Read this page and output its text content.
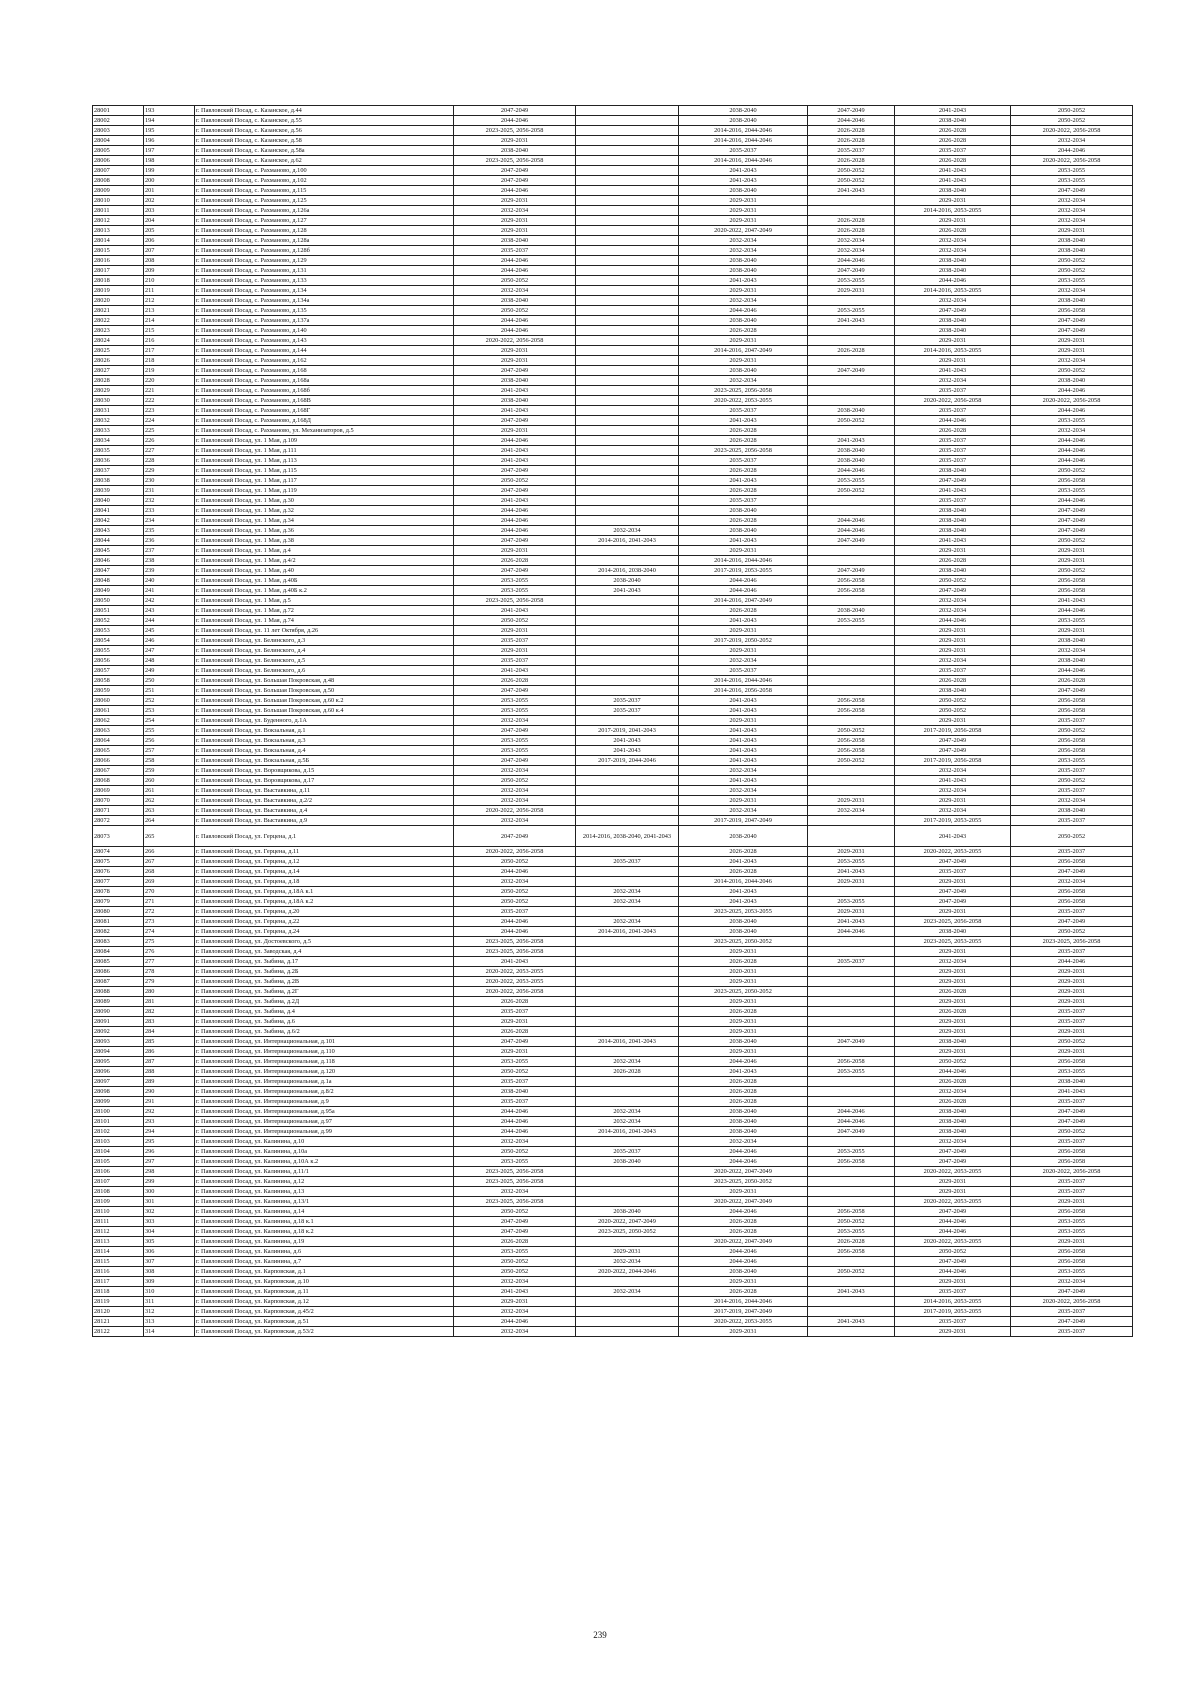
28001	193	г. Павловский Посад, с. Казанское, д.44	2047-2049		2038-2040	2047-2049	2041-2043	2050-2052
28002	194	г. Павловский Посад, с. Казанское, д.55	2044-2046		2038-2040	2044-2046	2038-2040	2050-2052
28003	195	г. Павловский Посад, с. Казанское, д.56	2023-2025, 2056-2058		2014-2016, 2044-2046	2026-2028	2026-2028	2020-2022, 2056-2058
28004	196	г. Павловский Посад, с. Казанское, д.58	2029-2031		2014-2016, 2044-2046	2026-2028	2026-2028	2032-2034
28005	197	г. Павловский Посад, с. Казанское, д.58а	2038-2040		2035-2037	2035-2037	2035-2037	2044-2046
28006	198	г. Павловский Посад, с. Казанское, д.62	2023-2025, 2056-2058		2014-2016, 2044-2046	2026-2028	2026-2028	2020-2022, 2056-2058
28007	199	г. Павловский Посад, с. Рахманово, д.100	2047-2049		2041-2043	2050-2052	2041-2043	2053-2055
28008	200	г. Павловский Посад, с. Рахманово, д.102	2047-2049		2041-2043	2050-2052	2041-2043	2053-2055
28009	201	г. Павловский Посад, с. Рахманово, д.115	2044-2046		2038-2040	2041-2043	2038-2040	2047-2049
28010	202	г. Павловский Посад, с. Рахманово, д.125	2029-2031		2029-2031		2029-2031	2032-2034
28011	203	г. Павловский Посад, с. Рахманово, д.126а	2032-2034		2029-2031		2014-2016, 2053-2055	2032-2034
28012	204	г. Павловский Посад, с. Рахманово, д.127	2029-2031		2029-2031	2026-2028	2029-2031	2032-2034
28013	205	г. Павловский Посад, с. Рахманово, д.128	2029-2031		2020-2022, 2047-2049	2026-2028	2026-2028	2029-2031
28014	206	г. Павловский Посад, с. Рахманово, д.128а	2038-2040		2032-2034	2032-2034	2032-2034	2038-2040
28015	207	г. Павловский Посад, с. Рахманово, д.128б	2035-2037		2032-2034	2032-2034	2032-2034	2038-2040
28016	208	г. Павловский Посад, с. Рахманово, д.129	2044-2046		2038-2040	2044-2046	2038-2040	2050-2052
28017	209	г. Павловский Посад, с. Рахманово, д.131	2044-2046		2038-2040	2047-2049	2038-2040	2050-2052
28018	210	г. Павловский Посад, с. Рахманово, д.133	2050-2052		2041-2043	2053-2055	2044-2046	2053-2055
28019	211	г. Павловский Посад, с. Рахманово, д.134	2032-2034		2029-2031	2029-2031	2014-2016, 2053-2055	2032-2034
28020	212	г. Павловский Посад, с. Рахманово, д.134а	2038-2040		2032-2034		2032-2034	2038-2040
28021	213	г. Павловский Посад, с. Рахманово, д.135	2050-2052		2044-2046	2053-2055	2047-2049	2056-2058
28022	214	г. Павловский Посад, с. Рахманово, д.137а	2044-2046		2038-2040	2041-2043	2038-2040	2047-2049
28023	215	г. Павловский Посад, с. Рахманово, д.140	2044-2046		2026-2028		2038-2040	2047-2049
28024	216	г. Павловский Посад, с. Рахманово, д.143	2020-2022, 2056-2058		2029-2031		2029-2031	2029-2031
28025	217	г. Павловский Посад, с. Рахманово, д.144	2029-2031		2014-2016, 2047-2049	2026-2028	2014-2016, 2053-2055	2029-2031
28026	218	г. Павловский Посад, с. Рахманово, д.162	2029-2031		2029-2031		2029-2031	2032-2034
28027	219	г. Павловский Посад, с. Рахманово, д.168	2047-2049		2038-2040	2047-2049	2041-2043	2050-2052
28028	220	г. Павловский Посад, с. Рахманово, д.168а	2038-2040		2032-2034		2032-2034	2038-2040
28029	221	г. Павловский Посад, с. Рахманово, д.168б	2041-2043		2023-2025, 2056-2058		2035-2037	2044-2046
28030	222	г. Павловский Посад, с. Рахманово, д.168В	2038-2040		2020-2022, 2053-2055		2020-2022, 2056-2058	2020-2022, 2056-2058
28031	223	г. Павловский Посад, с. Рахманово, д.168Г	2041-2043		2035-2037	2038-2040	2035-2037	2044-2046
28032	224	г. Павловский Посад, с. Рахманово, д.168Д	2047-2049		2041-2043	2050-2052	2044-2046	2053-2055
28033	225	г. Павловский Посад, с. Рахманово, ул. Механизаторов, д.5	2029-2031		2026-2028		2026-2028	2032-2034
28034	226	г. Павловский Посад, ул. 1 Мая, д.109	2044-2046		2026-2028	2041-2043	2035-2037	2044-2046
28035	227	г. Павловский Посад, ул. 1 Мая, д.111	2041-2043		2023-2025, 2056-2058	2038-2040	2035-2037	2044-2046
28036	228	г. Павловский Посад, ул. 1 Мая, д.113	2041-2043		2035-2037	2038-2040	2035-2037	2044-2046
28037	229	г. Павловский Посад, ул. 1 Мая, д.115	2047-2049		2026-2028	2044-2046	2038-2040	2050-2052
28038	230	г. Павловский Посад, ул. 1 Мая, д.117	2050-2052		2041-2043	2053-2055	2047-2049	2056-2058
28039	231	г. Павловский Посад, ул. 1 Мая, д.119	2047-2049		2026-2028	2050-2052	2041-2043	2053-2055
28040	232	г. Павловский Посад, ул. 1 Мая, д.30	2041-2043		2035-2037		2035-2037	2044-2046
28041	233	г. Павловский Посад, ул. 1 Мая, д.32	2044-2046		2038-2040		2038-2040	2047-2049
28042	234	г. Павловский Посад, ул. 1 Мая, д.34	2044-2046		2026-2028	2044-2046	2038-2040	2047-2049
28043	235	г. Павловский Посад, ул. 1 Мая, д.36	2044-2046	2032-2034	2038-2040	2044-2046	2038-2040	2047-2049
28044	236	г. Павловский Посад, ул. 1 Мая, д.38	2047-2049	2014-2016, 2041-2043	2041-2043	2047-2049	2041-2043	2050-2052
28045	237	г. Павловский Посад, ул. 1 Мая, д.4	2029-2031		2029-2031		2029-2031	2029-2031
28046	238	г. Павловский Посад, ул. 1 Мая, д.4/2	2026-2028		2014-2016, 2044-2046		2026-2028	2029-2031
28047	239	г. Павловский Посад, ул. 1 Мая, д.40	2047-2049	2014-2016, 2038-2040	2017-2019, 2053-2055	2047-2049	2038-2040	2050-2052
28048	240	г. Павловский Посад, ул. 1 Мая, д.40Б	2053-2055	2038-2040	2044-2046	2056-2058	2050-2052	2056-2058
28049	241	г. Павловский Посад, ул. 1 Мая, д.40Б к.2	2053-2055	2041-2043	2044-2046	2056-2058	2047-2049	2056-2058
28050	242	г. Павловский Посад, ул. 1 Мая, д.5	2023-2025, 2056-2058		2014-2016, 2047-2049		2032-2034	2041-2043
28051	243	г. Павловский Посад, ул. 1 Мая, д.72	2041-2043		2026-2028	2038-2040	2032-2034	2044-2046
28052	244	г. Павловский Посад, ул. 1 Мая, д.74	2050-2052		2041-2043	2053-2055	2044-2046	2053-2055
28053	245	г. Павловский Посад, ул. 11 лет Октября, д.26	2029-2031		2029-2031		2029-2031	2029-2031
28054	246	г. Павловский Посад, ул. Белинского, д.3	2035-2037		2017-2019, 2050-2052		2029-2031	2038-2040
28055	247	г. Павловский Посад, ул. Белинского, д.4	2029-2031		2029-2031		2029-2031	2032-2034
28056	248	г. Павловский Посад, ул. Белинского, д.5	2035-2037		2032-2034		2032-2034	2038-2040
28057	249	г. Павловский Посад, ул. Белинского, д.6	2041-2043		2035-2037		2035-2037	2044-2046
28058	250	г. Павловский Посад, ул. Большая Покровская, д.48	2026-2028		2014-2016, 2044-2046		2026-2028	2026-2028
28059	251	г. Павловский Посад, ул. Большая Покровская, д.50	2047-2049		2014-2016, 2056-2058		2038-2040	2047-2049
28060	252	г. Павловский Посад, ул. Большая Покровская, д.60 к.2	2053-2055	2035-2037	2041-2043	2056-2058	2050-2052	2056-2058
28061	253	г. Павловский Посад, ул. Большая Покровская, д.60 к.4	2053-2055	2035-2037	2041-2043	2056-2058	2050-2052	2056-2058
28062	254	г. Павловский Посад, ул. Буденного, д.1А	2032-2034		2029-2031		2029-2031	2035-2037
28063	255	г. Павловский Посад, ул. Вокзальная, д.1	2047-2049	2017-2019, 2041-2043	2041-2043	2050-2052	2017-2019, 2056-2058	2050-2052
28064	256	г. Павловский Посад, ул. Вокзальная, д.3	2053-2055	2041-2043	2041-2043	2056-2058	2047-2049	2056-2058
28065	257	г. Павловский Посад, ул. Вокзальная, д.4	2053-2055	2041-2043	2041-2043	2056-2058	2047-2049	2056-2058
28066	258	г. Павловский Посад, ул. Вокзальная, д.5Б	2047-2049	2017-2019, 2044-2046	2041-2043	2050-2052	2017-2019, 2056-2058	2053-2055
28067	259	г. Павловский Посад, ул. Воровщикова, д.15	2032-2034		2032-2034		2032-2034	2035-2037
28068	260	г. Павловский Посад, ул. Воровщикова, д.17	2050-2052		2041-2043		2041-2043	2050-2052
28069	261	г. Павловский Посад, ул. Выставкина, д.11	2032-2034		2032-2034		2032-2034	2035-2037
28070	262	г. Павловский Посад, ул. Выставкина, д.2/2	2032-2034		2029-2031	2029-2031	2029-2031	2032-2034
28071	263	г. Павловский Посад, ул. Выставкина, д.4	2020-2022, 2056-2058		2032-2034	2032-2034	2032-2034	2038-2040
28072	264	г. Павловский Посад, ул. Выставкина, д.9	2032-2034		2017-2019, 2047-2049		2017-2019, 2053-2055	2035-2037
28073	265	г. Павловский Посад, ул. Герцена, д.1	2047-2049	2014-2016, 2038-2040, 2041-2043	2038-2040		2041-2043	2050-2052
28074	266	г. Павловский Посад, ул. Герцена, д.11	2020-2022, 2056-2058		2026-2028	2029-2031	2020-2022, 2053-2055	2035-2037
28075	267	г. Павловский Посад, ул. Герцена, д.12	2050-2052	2035-2037	2041-2043	2053-2055	2047-2049	2056-2058
28076	268	г. Павловский Посад, ул. Герцена, д.14	2044-2046		2026-2028	2041-2043	2035-2037	2047-2049
28077	269	г. Павловский Посад, ул. Герцена, д.18	2032-2034		2014-2016, 2044-2046	2029-2031	2029-2031	2032-2034
28078	270	г. Павловский Посад, ул. Герцена, д.18А к.1	2050-2052	2032-2034	2041-2043		2047-2049	2056-2058
28079	271	г. Павловский Посад, ул. Герцена, д.18А к.2	2050-2052	2032-2034	2041-2043	2053-2055	2047-2049	2056-2058
28080	272	г. Павловский Посад, ул. Герцена, д.20	2035-2037		2023-2025, 2053-2055	2029-2031	2029-2031	2035-2037
28081	273	г. Павловский Посад, ул. Герцена, д.22	2044-2046	2032-2034	2038-2040	2041-2043	2023-2025, 2056-2058	2047-2049
28082	274	г. Павловский Посад, ул. Герцена, д.24	2044-2046	2014-2016, 2041-2043	2038-2040	2044-2046	2038-2040	2050-2052
28083	275	г. Павловский Посад, ул. Достоевского, д.5	2023-2025, 2056-2058		2023-2025, 2050-2052		2023-2025, 2053-2055	2023-2025, 2056-2058
28084	276	г. Павловский Посад, ул. Заводская, д.4	2023-2025, 2056-2058		2029-2031		2029-2031	2035-2037
28085	277	г. Павловский Посад, ул. Зыбина, д.17	2041-2043		2026-2028	2035-2037	2032-2034	2044-2046
28086	278	г. Павловский Посад, ул. Зыбина, д.2Б	2020-2022, 2053-2055		2020-2031		2029-2031	2029-2031
28087	279	г. Павловский Посад, ул. Зыбина, д.2В	2020-2022, 2053-2055		2029-2031		2029-2031	2029-2031
28088	280	г. Павловский Посад, ул. Зыбина, д.2Г	2020-2022, 2056-2058		2023-2025, 2050-2052		2026-2028	2029-2031
28089	281	г. Павловский Посад, ул. Зыбина, д.2Д	2026-2028		2029-2031		2029-2031	2029-2031
28090	282	г. Павловский Посад, ул. Зыбина, д.4	2035-2037		2026-2028		2026-2028	2035-2037
28091	283	г. Павловский Посад, ул. Зыбина, д.6	2029-2031		2029-2031		2029-2031	2035-2037
28092	284	г. Павловский Посад, ул. Зыбина, д.6/2	2026-2028		2029-2031		2029-2031	2029-2031
28093	285	г. Павловский Посад, ул. Интернациональная, д.101	2047-2049	2014-2016, 2041-2043	2038-2040	2047-2049	2038-2040	2050-2052
28094	286	г. Павловский Посад, ул. Интернациональная, д.110	2029-2031		2029-2031		2029-2031	2029-2031
28095	287	г. Павловский Посад, ул. Интернациональная, д.118	2053-2055	2032-2034	2044-2046	2056-2058	2050-2052	2056-2058
28096	288	г. Павловский Посад, ул. Интернациональная, д.120	2050-2052	2026-2028	2041-2043	2053-2055	2044-2046	2053-2055
28097	289	г. Павловский Посад, ул. Интернациональная, д.1а	2035-2037		2026-2028		2026-2028	2038-2040
28098	290	г. Павловский Посад, ул. Интернациональная, д.8/2	2038-2040		2026-2028		2032-2034	2041-2043
28099	291	г. Павловский Посад, ул. Интернациональная, д.9	2035-2037		2026-2028		2026-2028	2035-2037
28100	292	г. Павловский Посад, ул. Интернациональная, д.95а	2044-2046	2032-2034	2038-2040	2044-2046	2038-2040	2047-2049
28101	293	г. Павловский Посад, ул. Интернациональная, д.97	2044-2046	2032-2034	2038-2040	2044-2046	2038-2040	2047-2049
28102	294	г. Павловский Посад, ул. Интернациональная, д.99	2044-2046	2014-2016, 2041-2043	2038-2040	2047-2049	2038-2040	2050-2052
28103	295	г. Павловский Посад, ул. Калинина, д.10	2032-2034		2032-2034		2032-2034	2035-2037
28104	296	г. Павловский Посад, ул. Калинина, д.10а	2050-2052	2035-2037	2044-2046	2053-2055	2047-2049	2056-2058
28105	297	г. Павловский Посад, ул. Калинина, д.10А к.2	2053-2055	2038-2040	2044-2046	2056-2058	2047-2049	2056-2058
28106	298	г. Павловский Посад, ул. Калинина, д.11/1	2023-2025, 2056-2058		2020-2022, 2047-2049		2020-2022, 2053-2055	2020-2022, 2056-2058
28107	299	г. Павловский Посад, ул. Калинина, д.12	2023-2025, 2056-2058		2023-2025, 2050-2052		2029-2031	2035-2037
28108	300	г. Павловский Посад, ул. Калинина, д.13	2032-2034		2029-2031		2029-2031	2035-2037
28109	301	г. Павловский Посад, ул. Калинина, д.13/1	2023-2025, 2056-2058		2020-2022, 2047-2049		2020-2022, 2053-2055	2029-2031
28110	302	г. Павловский Посад, ул. Калинина, д.14	2050-2052	2038-2040	2044-2046	2056-2058	2047-2049	2056-2058
28111	303	г. Павловский Посад, ул. Калинина, д.18 к.1	2047-2049	2020-2022, 2047-2049	2026-2028	2050-2052	2044-2046	2053-2055
28112	304	г. Павловский Посад, ул. Калинина, д.18 к.2	2047-2049	2023-2025, 2050-2052	2026-2028	2053-2055	2044-2046	2053-2055
28113	305	г. Павловский Посад, ул. Калинина, д.19	2026-2028		2020-2022, 2047-2049	2026-2028	2020-2022, 2053-2055	2029-2031
28114	306	г. Павловский Посад, ул. Калинина, д.6	2053-2055	2029-2031	2044-2046	2056-2058	2050-2052	2056-2058
28115	307	г. Павловский Посад, ул. Калинина, д.7	2050-2052	2032-2034	2044-2046		2047-2049	2056-2058
28116	308	г. Павловский Посад, ул. Карповская, д.1	2050-2052	2020-2022, 2044-2046	2038-2040	2050-2052	2044-2046	2053-2055
28117	309	г. Павловский Посад, ул. Карповская, д.10	2032-2034		2029-2031		2029-2031	2032-2034
28118	310	г. Павловский Посад, ул. Карповская, д.11	2041-2043	2032-2034	2026-2028	2041-2043	2035-2037	2047-2049
28119	311	г. Павловский Посад, ул. Карповская, д.12	2029-2031		2014-2016, 2044-2046		2014-2016, 2053-2055	2020-2022, 2056-2058
28120	312	г. Павловский Посад, ул. Карповская, д.45/2	2032-2034		2017-2019, 2047-2049		2017-2019, 2053-2055	2035-2037
28121	313	г. Павловский Посад, ул. Карповская, д.51	2044-2046		2020-2022, 2053-2055	2041-2043	2035-2037	2047-2049
28122	314	г. Павловский Посад, ул. Карповская, д.53/2	2032-2034		2029-2031		2029-2031	2035-2037
239
